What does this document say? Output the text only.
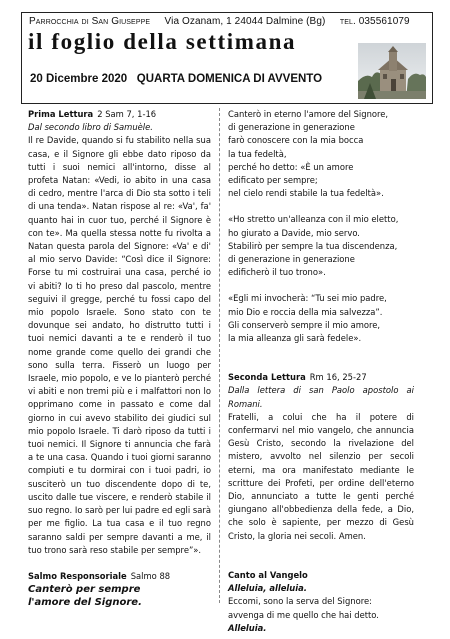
Parrocchia di San Giuseppe Via Ozanam, 1 24044 Dalmine (Bg) tel. 035561079
il foglio della settimana
20 Dicembre 2020 QUARTA DOMENICA DI AVVENTO
Prima Lettura 2 Sam 7, 1-16
Dal secondo libro di Samuèle.

Il re Davide, quando si fu stabilito nella sua casa, e il Signore gli ebbe dato riposo da tutti i suoi nemici all'intorno, disse al profeta Natan: «Vedi, io abito in una casa di cedro, mentre l'arca di Dio sta sotto i teli di una tenda». Natan rispose al re: «Va', fa' quanto hai in cuor tuo, perché il Signore è con te». Ma quella stessa notte fu rivolta a Natan questa parola del Signore: «Va' e di' al mio servo Davide: “Così dice il Signore: Forse tu mi costruirai una casa, perché io vi abiti? Io ti ho preso dal pascolo, mentre seguivi il gregge, perché tu fossi capo del mio popolo Israele. Sono stato con te dovunque sei andato, ho distrutto tutti i tuoi nemici davanti a te e renderò il tuo nome grande come quello dei grandi che sono sulla terra. Fisserò un luogo per Israele, mio popolo, e ve lo pianterò perché vi abiti e non tremi più e i malfattori non lo opprimano come in passato e come dal giorno in cui avevo stabilito dei giudici sul mio popolo Israele. Ti darò riposo da tutti i tuoi nemici. Il Signore ti annuncia che farà a te una casa. Quando i tuoi giorni saranno compiuti e tu dormirai con i tuoi padri, io susciterò un tuo discendente dopo di te, uscito dalle tue viscere, e renderò stabile il suo regno. Io sarò per lui padre ed egli sarà per me figlio. La tua casa e il tuo regno saranno saldi per sempre davanti a me, il tuo trono sarà reso stabile per sempre”».

Salmo Responsoriale Salmo 88
Canterò per sempre
l'amore del Signore.
Canterò in eterno l'amore del Signore,
di generazione in generazione
farò conoscere con la mia bocca
la tua fedeltà,
perché ho detto: «È un amore
edificato per sempre;
nel cielo rendi stabile la tua fedeltà».
«Ho stretto un'alleanza con il mio eletto,
ho giurato a Davide, mio servo.
Stabilirò per sempre la tua discendenza,
di generazione in generazione
edificherò il tuo trono».
«Egli mi invocherà: “Tu sei mio padre,
mio Dio e roccia della mia salvezza”.
Gli conserverò sempre il mio amore,
la mia alleanza gli sarà fedele».
Seconda Lettura Rm 16, 25-27
Dalla lettera di san Paolo apostolo ai Romani.

Fratelli, a colui che ha il potere di confermarvi nel mio vangelo, che annuncia Gesù Cristo, secondo la rivelazione del mistero, avvolto nel silenzio per secoli eterni, ma ora manifestato mediante le scritture dei Profeti, per ordine dell'eterno Dio, annunciato a tutte le genti perché giungano all'obbedienza della fede, a Dio, che solo è sapiente, per mezzo di Gesù Cristo, la gloria nei secoli. Amen.

Canto al Vangelo
Alleluia, alleluia.
Eccomi, sono la serva del Signore:
avvenga di me quello che hai detto.
Alleluia.
